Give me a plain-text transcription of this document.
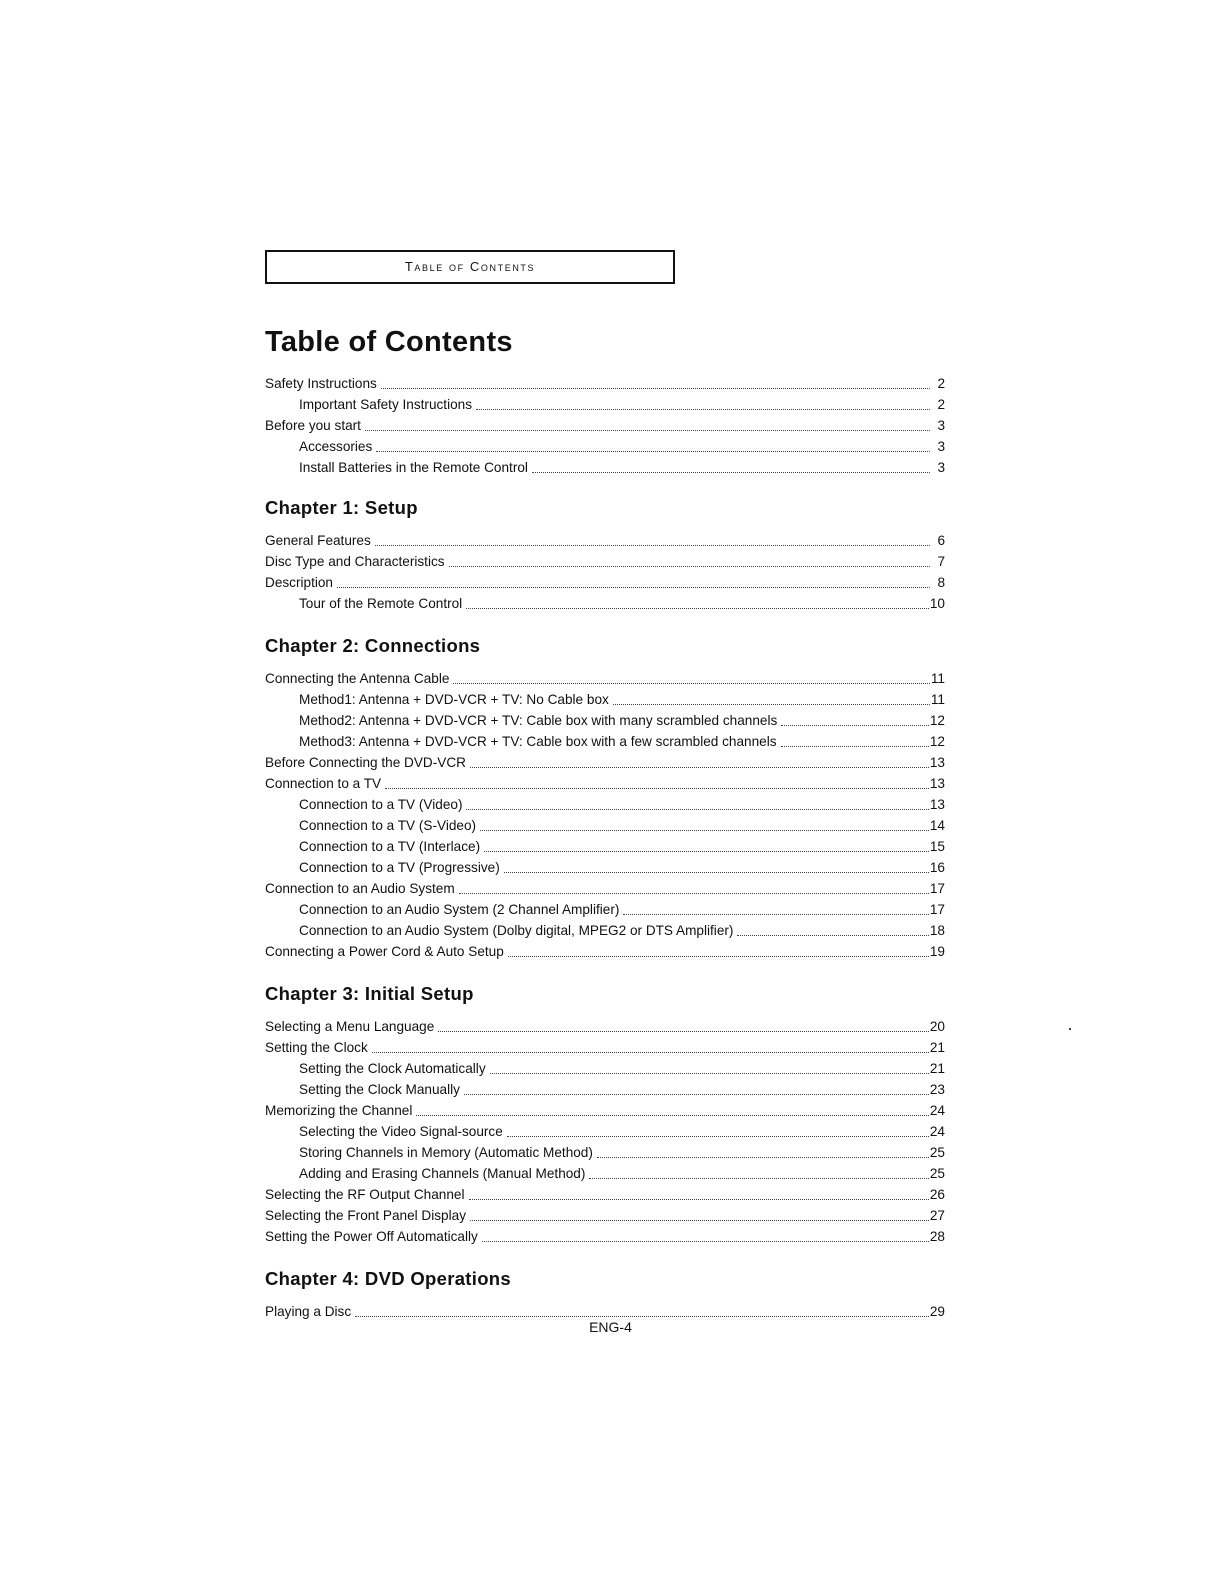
Table of Contents
Table of Contents
Safety Instructions	2
Important Safety Instructions	2
Before you start	3
Accessories	3
Install Batteries in the Remote Control	3
Chapter 1: Setup
General Features	6
Disc Type and Characteristics	7
Description	8
Tour of the Remote Control	10
Chapter 2: Connections
Connecting the Antenna Cable	11
Method1: Antenna + DVD-VCR + TV: No Cable box	11
Method2: Antenna + DVD-VCR + TV: Cable box with many scrambled channels	12
Method3: Antenna + DVD-VCR + TV: Cable box with a few scrambled channels	12
Before Connecting the DVD-VCR	13
Connection to a TV	13
Connection to a TV (Video)	13
Connection to a TV (S-Video)	14
Connection to a TV (Interlace)	15
Connection to a TV (Progressive)	16
Connection to an Audio System	17
Connection to an Audio System (2 Channel Amplifier)	17
Connection to an Audio System (Dolby digital, MPEG2 or DTS Amplifier)	18
Connecting a Power Cord & Auto Setup	19
Chapter 3: Initial Setup
Selecting a Menu Language	20
Setting the Clock	21
Setting the Clock Automatically	21
Setting the Clock Manually	23
Memorizing the Channel	24
Selecting the Video Signal-source	24
Storing Channels in Memory (Automatic Method)	25
Adding and Erasing Channels (Manual Method)	25
Selecting the RF Output Channel	26
Selecting the Front Panel Display	27
Setting the Power Off Automatically	28
Chapter 4: DVD Operations
Playing a Disc	29
ENG-4
